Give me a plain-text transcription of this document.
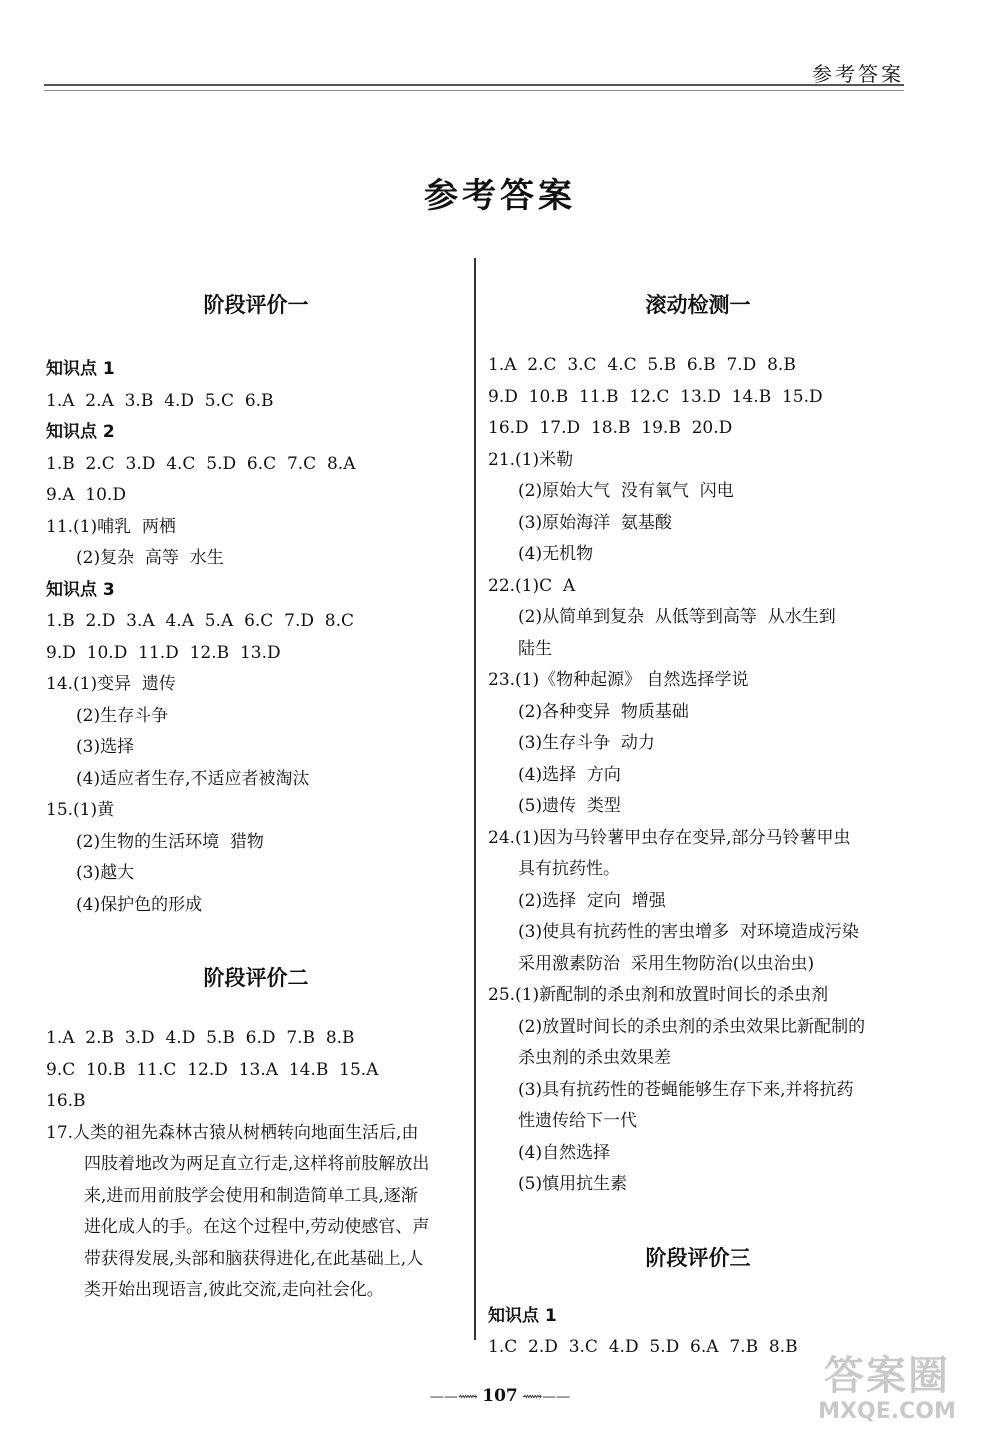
参考答案
参考答案
阶段评价一
知识点 1
1.A  2.A  3.B  4.D  5.C  6.B
知识点 2
1.B  2.C  3.D  4.C  5.D  6.C  7.C  8.A
9.A  10.D
11.(1)哺乳  两栖
(2)复杂  高等  水生
知识点 3
1.B  2.D  3.A  4.A  5.A  6.C  7.D  8.C
9.D  10.D  11.D  12.B  13.D
14.(1)变异  遗传
(2)生存斗争
(3)选择
(4)适应者生存,不适应者被淘汰
15.(1)黄
(2)生物的生活环境  猎物
(3)越大
(4)保护色的形成
阶段评价二
1.A  2.B  3.D  4.D  5.B  6.D  7.B  8.B
9.C  10.B  11.C  12.D  13.A  14.B  15.A
16.B
17.人类的祖先森林古猿从树栖转向地面生活后,由
四肢着地改为两足直立行走,这样将前肢解放出
来,进而用前肢学会使用和制造简单工具,逐渐
进化成人的手。在这个过程中,劳动使感官、声
带获得发展,头部和脑获得进化,在此基础上,人
类开始出现语言,彼此交流,走向社会化。
滚动检测一
1.A  2.C  3.C  4.C  5.B  6.B  7.D  8.B
9.D  10.B  11.B  12.C  13.D  14.B  15.D
16.D  17.D  18.B  19.B  20.D
21.(1)米勒
(2)原始大气  没有氧气  闪电
(3)原始海洋  氨基酸
(4)无机物
22.(1)C  A
(2)从简单到复杂  从低等到高等  从水生到
陆生
23.(1)《物种起源》 自然选择学说
(2)各种变异  物质基础
(3)生存斗争  动力
(4)选择  方向
(5)遗传  类型
24.(1)因为马铃薯甲虫存在变异,部分马铃薯甲虫
具有抗药性。
(2)选择  定向  增强
(3)使具有抗药性的害虫增多  对环境造成污染
采用激素防治  采用生物防治(以虫治虫)
25.(1)新配制的杀虫剂和放置时间长的杀虫剂
(2)放置时间长的杀虫剂的杀虫效果比新配制的
杀虫剂的杀虫效果差
(3)具有抗药性的苍蝇能够生存下来,并将抗药
性遗传给下一代
(4)自然选择
(5)慎用抗生素
阶段评价三
知识点 1
1.C  2.D  3.C  4.D  5.D  6.A  7.B  8.B
——⟿ 107 ⟿——	答案圈
MXQE.COM
